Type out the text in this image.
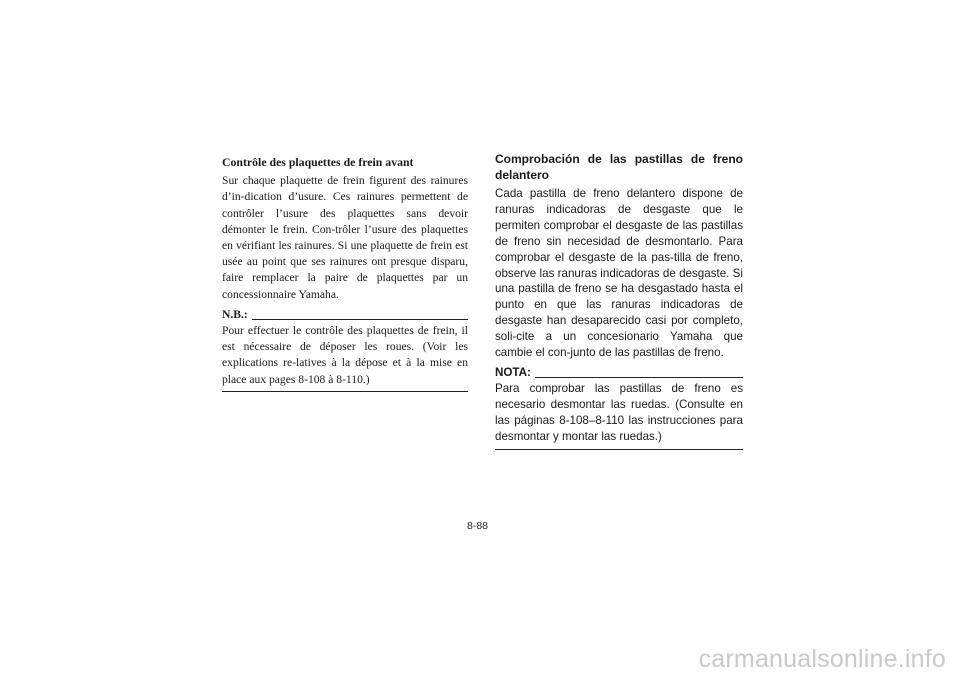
Contrôle des plaquettes de frein avant

Sur chaque plaquette de frein figurent des rainures d’in-dication d’usure. Ces rainures permettent de contrôler l’usure des plaquettes sans devoir démonter le frein. Con-trôler l’usure des plaquettes en vérifiant les rainures. Si une plaquette de frein est usée au point que ses rainures ont presque disparu, faire remplacer la paire de plaquettes par un concessionnaire Yamaha.

N.B.:

Pour effectuer le contrôle des plaquettes de frein, il est nécessaire de déposer les roues. (Voir les explications re-latives à la dépose et à la mise en place aux pages 8-108 à 8-110.)

Comprobación de las pastillas de freno delantero

Cada pastilla de freno delantero dispone de ranuras indicadoras de desgaste que le permiten comprobar el desgaste de las pastillas de freno sin necesidad de desmontarlo. Para comprobar el desgaste de la pas-tilla de freno, observe las ranuras indicadoras de desgaste. Si una pastilla de freno se ha desgastado hasta el punto en que las ranuras indicadoras de desgaste han desaparecido casi por completo, soli-cite a un concesionario Yamaha que cambie el con-junto de las pastillas de freno.

NOTA:

Para comprobar las pastillas de freno es necesario desmontar las ruedas. (Consulte en las páginas 8-108–8-110 las instrucciones para desmontar y montar las ruedas.)

8-88
carmanualsonline.info
